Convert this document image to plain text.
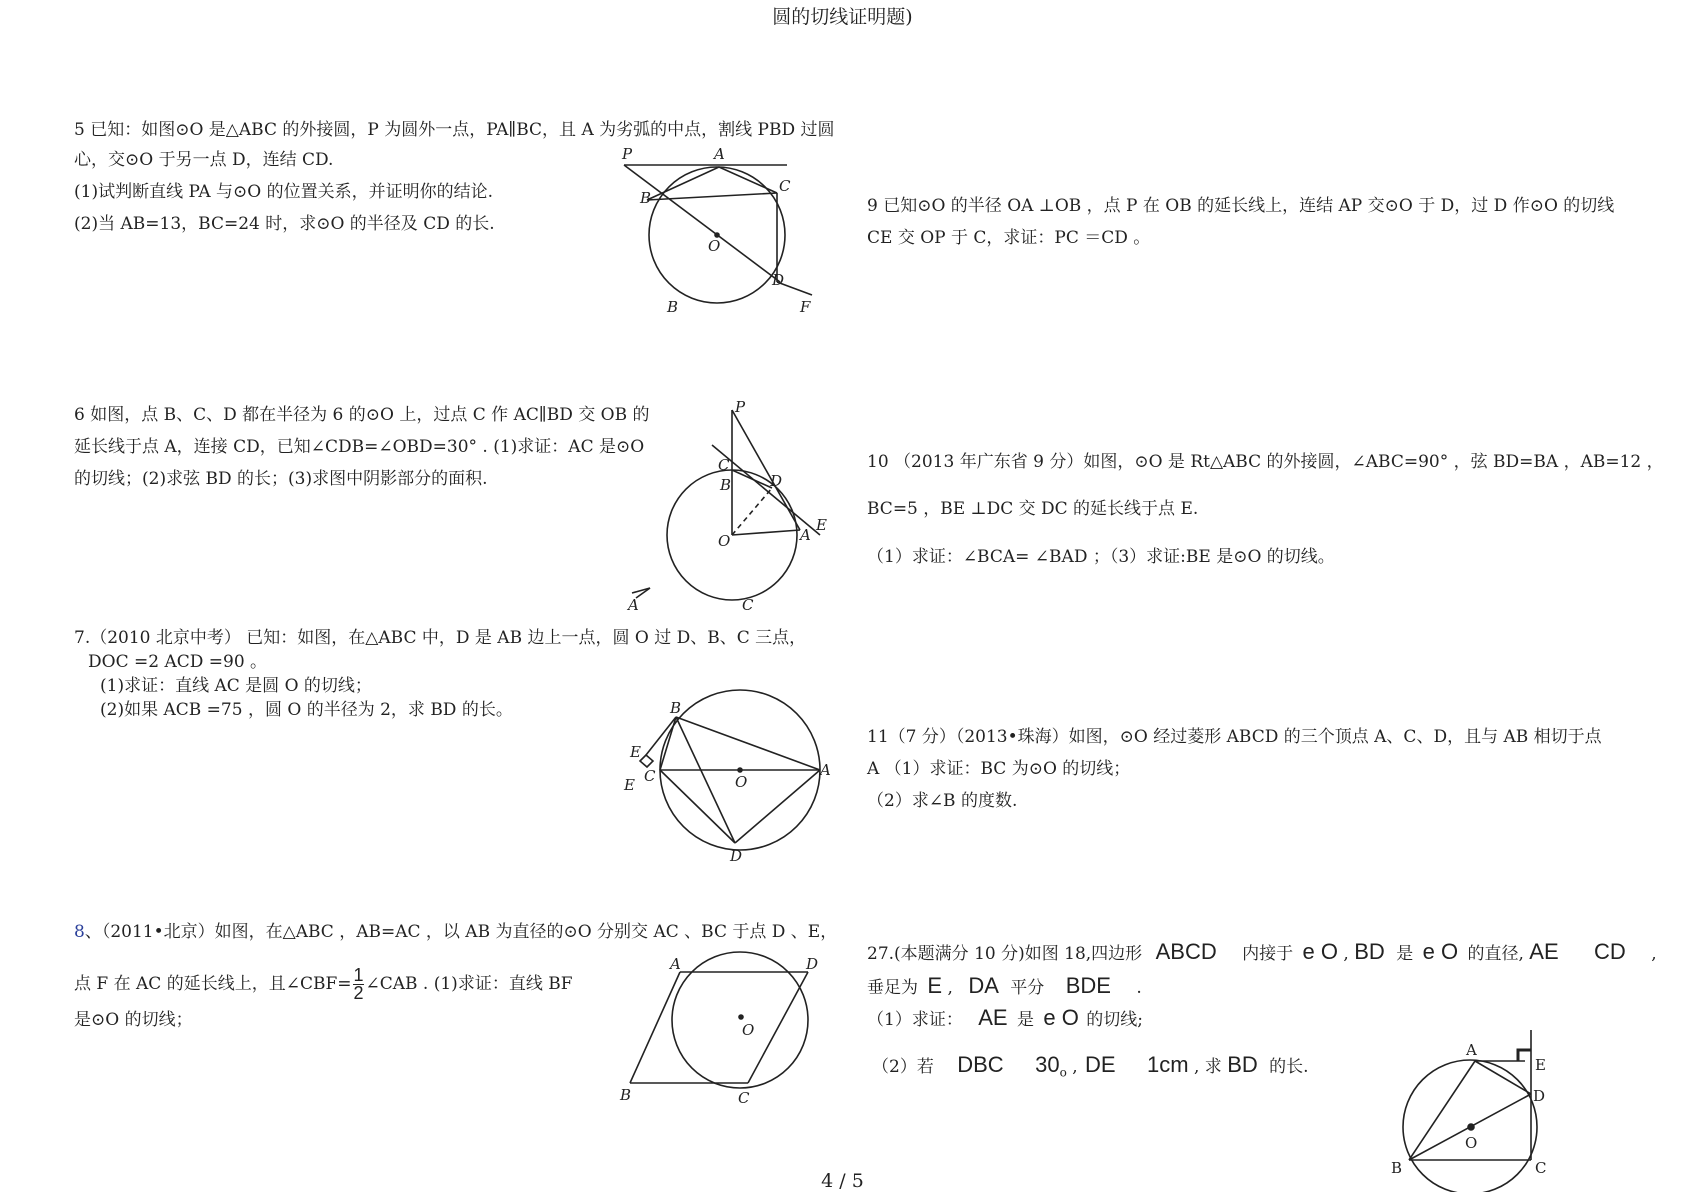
圆的切线证明题)
5 已知：如图⊙O 是△ABC 的外接圆，P 为圆外一点，PA∥BC，且 A 为劣弧的中点，割线 PBD 过圆
心，交⊙O 于另一点 D，连结 CD.
(1)试判断直线 PA 与⊙O 的位置关系，并证明你的结论.
(2)当 AB=13，BC=24 时，求⊙O 的半径及 CD 的长.
P	A
B
C
O
D
F
B
6 如图，点 B、C、D 都在半径为 6 的⊙O 上，过点 C 作 AC∥BD 交 OB 的
延长线于点 A，连接 CD，已知∠CDB=∠OBD=30° . (1)求证：AC 是⊙O
的切线；(2)求弦 BD 的长；(3)求图中阴影部分的面积.
P
C
B	D
E
O	A
A	C
7.（2010 北京中考） 已知：如图，在△ABC 中，D 是 AB 边上一点，圆 O 过 D、B、C 三点，
DOC =2 ACD =90 。
(1)求证：直线 AC 是圆 O 的切线；
(2)如果 ACB =75 ，圆 O 的半径为 2，求 BD 的长。	B
E
C
E	O
A
D
8、（2011•北京）如图，在△ABC ，AB=AC ，以 AB 为直径的⊙O 分别交 AC 、BC 于点 D 、E，
点 F 在 AC 的延长线上，且∠CBF= $\frac{1}{2}$ ∠CAB . (1)求证：直线 BF
是⊙O 的切线；
A	D
O
B	C
9 已知⊙O 的半径 OA ⊥OB ，点 P 在 OB 的延长线上，连结 AP 交⊙O 于 D，过 D 作⊙O 的切线
CE 交 OP 于 C，求证：PC ＝CD 。
10 （2013 年广东省 9 分）如图，⊙O 是 Rt△ABC 的外接圆，∠ABC=90° ，弦 BD=BA ，AB=12 ，
BC=5 ，BE ⊥DC 交 DC 的延长线于点 E.
（1）求证：∠BCA= ∠BAD ；（3）求证:BE 是⊙O 的切线。
11（7 分）（2013•珠海）如图，⊙O 经过菱形 ABCD 的三个顶点 A、C、D，且与 AB 相切于点
A （1）求证：BC 为⊙O 的切线；
（2）求∠B 的度数.
27.(本题满分 10 分)如图 18,四边形 ABCD 内接于 e O , BD 是 e O 的直径, AE CD ,
垂足为 E , DA 平分 BDE .
（1）求证： AE 是 e O 的切线;
（2）若 DBC $30_o$ , DE 1cm , 求 BD 的长.
A
E
D
O
B	C
4 / 5
